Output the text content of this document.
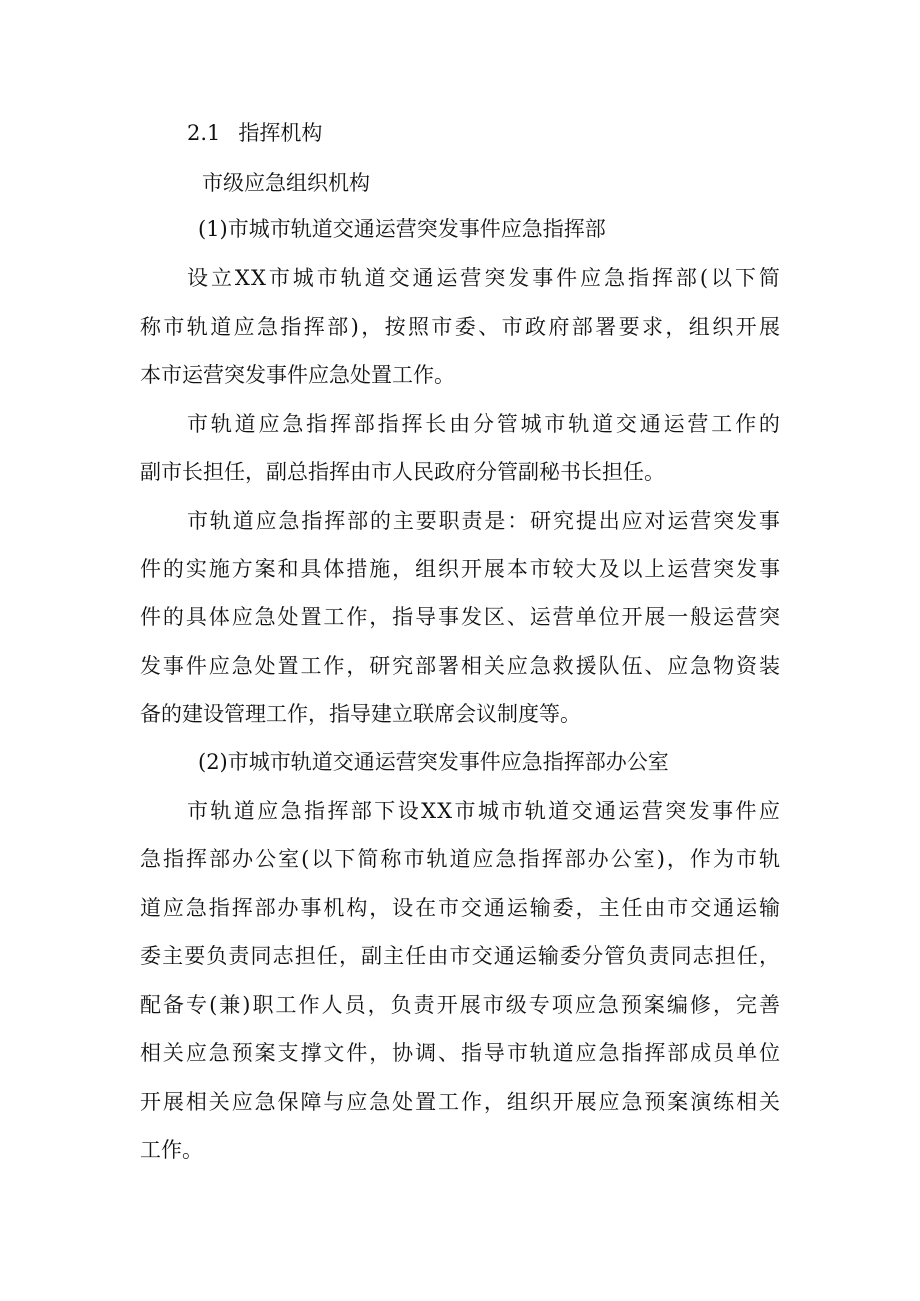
2.1 指挥机构
市级应急组织机构
(1)市城市轨道交通运营突发事件应急指挥部
设立XX市城市轨道交通运营突发事件应急指挥部(以下简
称市轨道应急指挥部)，按照市委、市政府部署要求，组织开展
本市运营突发事件应急处置工作。
市轨道应急指挥部指挥长由分管城市轨道交通运营工作的
副市长担任，副总指挥由市人民政府分管副秘书长担任。
市轨道应急指挥部的主要职责是：研究提出应对运营突发事
件的实施方案和具体措施，组织开展本市较大及以上运营突发事
件的具体应急处置工作，指导事发区、运营单位开展一般运营突
发事件应急处置工作，研究部署相关应急救援队伍、应急物资装
备的建设管理工作，指导建立联席会议制度等。
(2)市城市轨道交通运营突发事件应急指挥部办公室
市轨道应急指挥部下设XX市城市轨道交通运营突发事件应
急指挥部办公室(以下简称市轨道应急指挥部办公室)，作为市轨
道应急指挥部办事机构，设在市交通运输委，主任由市交通运输
委主要负责同志担任，副主任由市交通运输委分管负责同志担任，
配备专(兼)职工作人员，负责开展市级专项应急预案编修，完善
相关应急预案支撑文件，协调、指导市轨道应急指挥部成员单位
开展相关应急保障与应急处置工作，组织开展应急预案演练相关
工作。
